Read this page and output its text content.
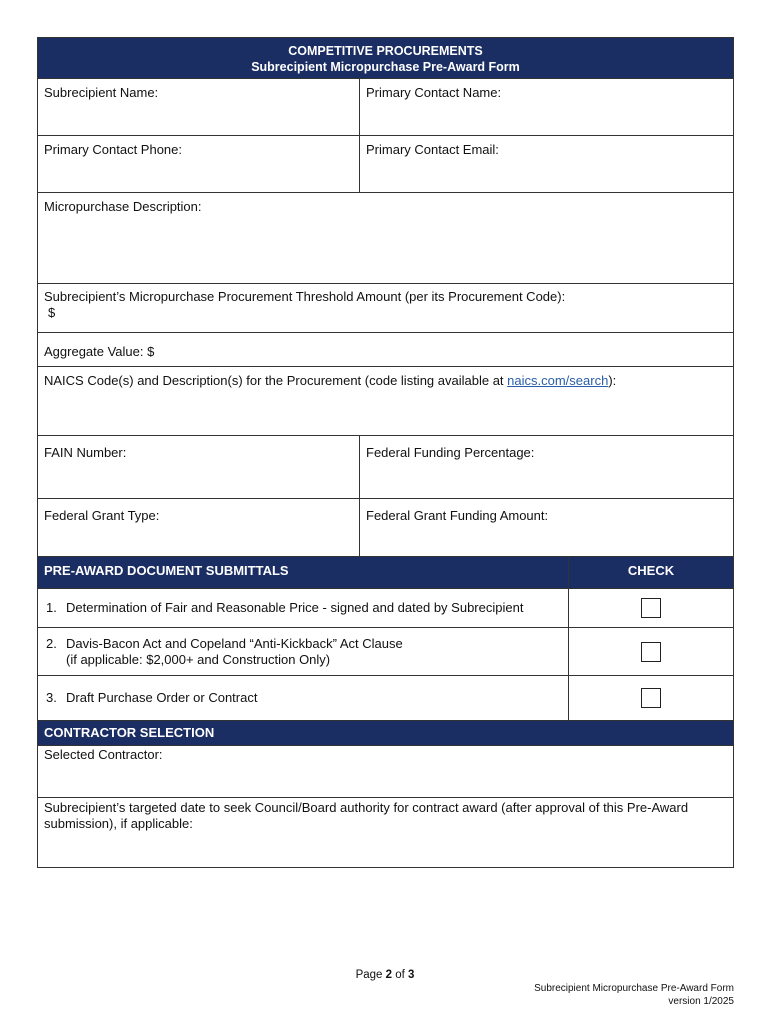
COMPETITIVE PROCUREMENTS
Subrecipient Micropurchase Pre-Award Form
Subrecipient Name:	Primary Contact Name:
Primary Contact Phone:	Primary Contact Email:
Micropurchase Description:
Subrecipient’s Micropurchase Procurement Threshold Amount (per its Procurement Code):
$
Aggregate Value: $
NAICS Code(s) and Description(s) for the Procurement (code listing available at naics.com/search):
FAIN Number:	Federal Funding Percentage:
Federal Grant Type:	Federal Grant Funding Amount:
PRE-AWARD DOCUMENT SUBMITTALS	CHECK
1. Determination of Fair and Reasonable Price - signed and dated by Subrecipient
2. Davis-Bacon Act and Copeland “Anti-Kickback” Act Clause
(if applicable: $2,000+ and Construction Only)
3. Draft Purchase Order or Contract
CONTRACTOR SELECTION
Selected Contractor:
Subrecipient’s targeted date to seek Council/Board authority for contract award (after approval of this Pre-Award submission), if applicable:
Page 2 of 3
Subrecipient Micropurchase Pre-Award Form
version 1/2025
